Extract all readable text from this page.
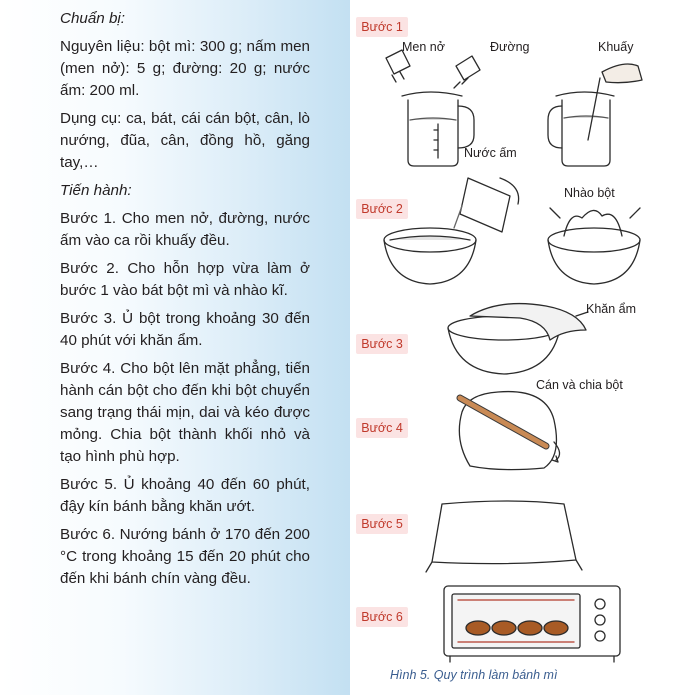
Chuẩn bị:

Nguyên liệu: bột mì: 300 g; nấm men (men nở): 5 g; đường: 20 g; nước ấm: 200 ml.

Dụng cụ: ca, bát, cái cán bột, cân, lò nướng, đũa, cân, đồng hồ, găng tay,…

Tiến hành:

Bước 1. Cho men nở, đường, nước ấm vào ca rồi khuấy đều.

Bước 2. Cho hỗn hợp vừa làm ở bước 1 vào bát bột mì và nhào kĩ.

Bước 3. Ủ bột trong khoảng 30 đến 40 phút với khăn ẩm.

Bước 4. Cho bột lên mặt phẳng, tiến hành cán bột cho đến khi bột chuyển sang trạng thái mịn, dai và kéo được mỏng. Chia bột thành khối nhỏ và tạo hình phù hợp.

Bước 5. Ủ khoảng 40 đến 60 phút, đậy kín bánh bằng khăn ướt.

Bước 6. Nướng bánh ở 170 đến 200 °C trong khoảng 15 đến 20 phút cho đến khi bánh chín vàng đều.

Bước 1
Bước 2
Bước 3
Bước 4
Bước 5
Bước 6
Men nở	Đường	Khuấy
Nước ấm
Nhào bột
Khăn ẩm
Cán và chia bột
Hình 5. Quy trình làm bánh mì
